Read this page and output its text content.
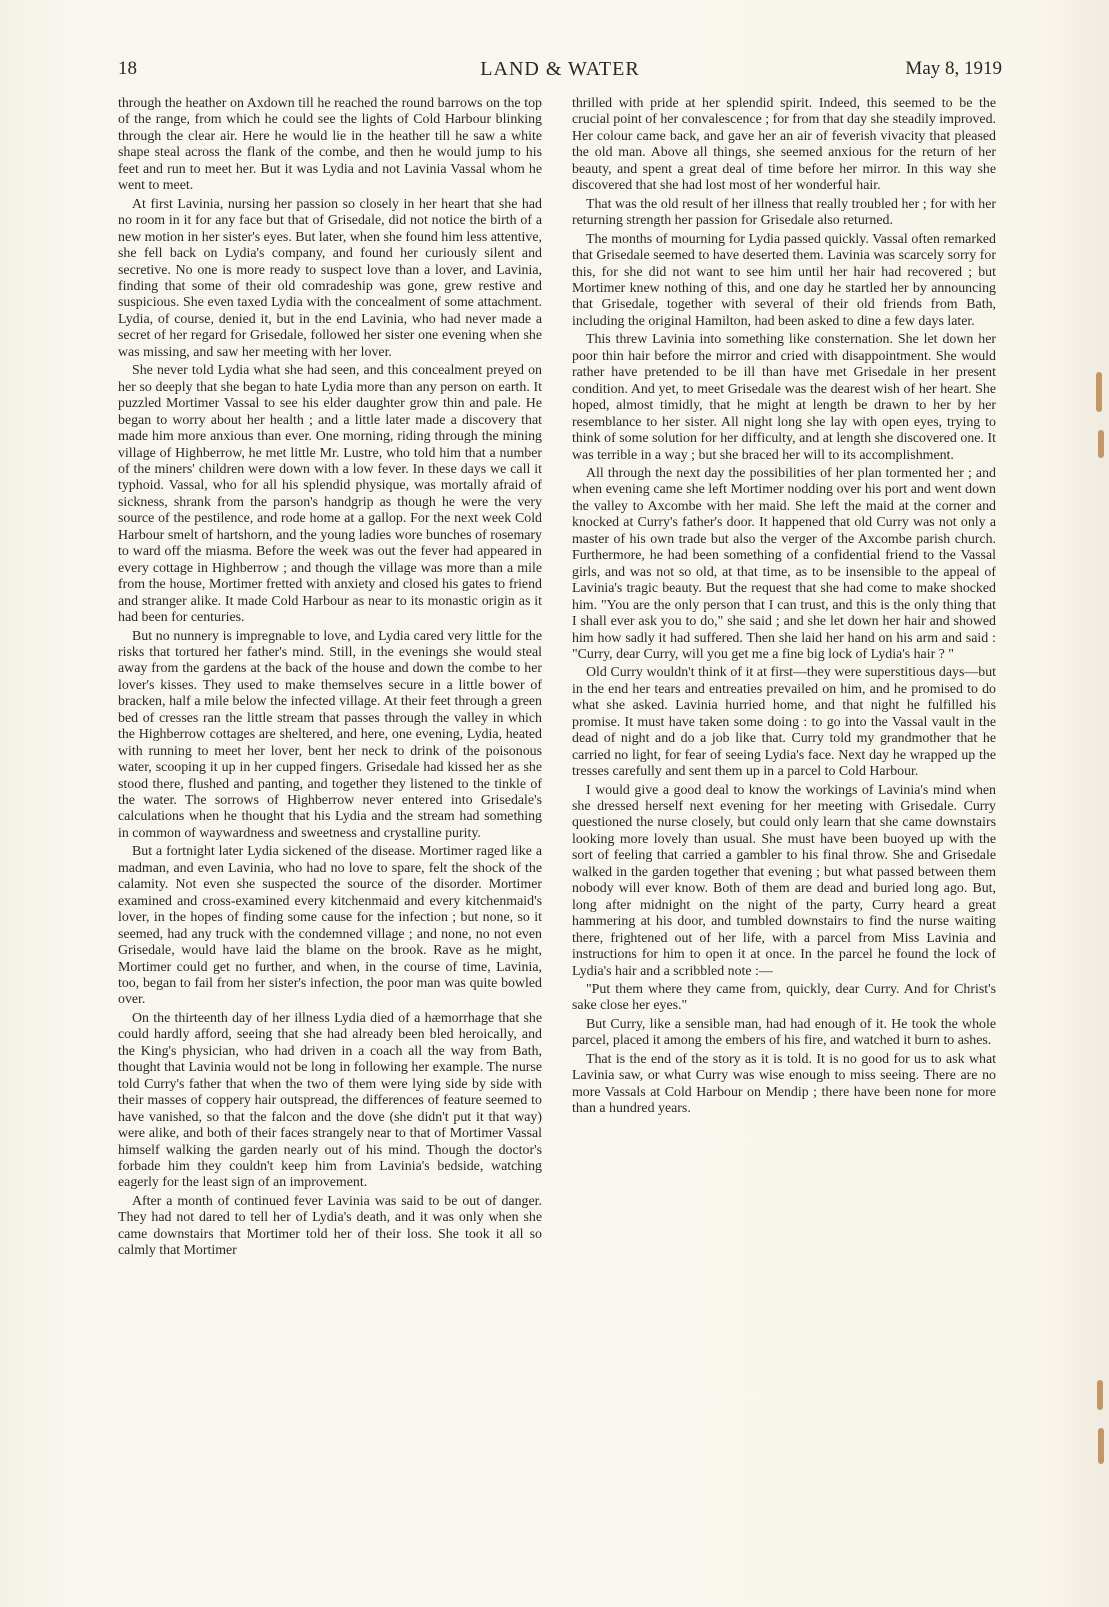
18	LAND & WATER	May 8, 1919

through the heather on Axdown till he reached the round barrows on the top of the range, from which he could see the lights of Cold Harbour blinking through the clear air. Here he would lie in the heather till he saw a white shape steal across the flank of the combe, and then he would jump to his feet and run to meet her. But it was Lydia and not Lavinia Vassal whom he went to meet.

At first Lavinia, nursing her passion so closely in her heart that she had no room in it for any face but that of Grisedale, did not notice the birth of a new motion in her sister's eyes. But later, when she found him less attentive, she fell back on Lydia's company, and found her curiously silent and secretive. No one is more ready to suspect love than a lover, and Lavinia, finding that some of their old comradeship was gone, grew restive and suspicious. She even taxed Lydia with the concealment of some attachment. Lydia, of course, denied it, but in the end Lavinia, who had never made a secret of her regard for Grisedale, followed her sister one evening when she was missing, and saw her meeting with her lover.

She never told Lydia what she had seen, and this concealment preyed on her so deeply that she began to hate Lydia more than any person on earth. It puzzled Mortimer Vassal to see his elder daughter grow thin and pale. He began to worry about her health ; and a little later made a discovery that made him more anxious than ever. One morning, riding through the mining village of Highberrow, he met little Mr. Lustre, who told him that a number of the miners' children were down with a low fever. In these days we call it typhoid. Vassal, who for all his splendid physique, was mortally afraid of sickness, shrank from the parson's handgrip as though he were the very source of the pestilence, and rode home at a gallop. For the next week Cold Harbour smelt of hartshorn, and the young ladies wore bunches of rosemary to ward off the miasma. Before the week was out the fever had appeared in every cottage in Highberrow ; and though the village was more than a mile from the house, Mortimer fretted with anxiety and closed his gates to friend and stranger alike. It made Cold Harbour as near to its monastic origin as it had been for centuries.

But no nunnery is impregnable to love, and Lydia cared very little for the risks that tortured her father's mind. Still, in the evenings she would steal away from the gardens at the back of the house and down the combe to her lover's kisses. They used to make themselves secure in a little bower of bracken, half a mile below the infected village. At their feet through a green bed of cresses ran the little stream that passes through the valley in which the Highberrow cottages are sheltered, and here, one evening, Lydia, heated with running to meet her lover, bent her neck to drink of the poisonous water, scooping it up in her cupped fingers. Grisedale had kissed her as she stood there, flushed and panting, and together they listened to the tinkle of the water. The sorrows of Highberrow never entered into Grisedale's calculations when he thought that his Lydia and the stream had something in common of waywardness and sweetness and crystalline purity.

But a fortnight later Lydia sickened of the disease. Mortimer raged like a madman, and even Lavinia, who had no love to spare, felt the shock of the calamity. Not even she suspected the source of the disorder. Mortimer examined and cross-examined every kitchenmaid and every kitchenmaid's lover, in the hopes of finding some cause for the infection ; but none, so it seemed, had any truck with the condemned village ; and none, no not even Grisedale, would have laid the blame on the brook. Rave as he might, Mortimer could get no further, and when, in the course of time, Lavinia, too, began to fail from her sister's infection, the poor man was quite bowled over.

On the thirteenth day of her illness Lydia died of a hæmorrhage that she could hardly afford, seeing that she had already been bled heroically, and the King's physician, who had driven in a coach all the way from Bath, thought that Lavinia would not be long in following her example. The nurse told Curry's father that when the two of them were lying side by side with their masses of coppery hair outspread, the differences of feature seemed to have vanished, so that the falcon and the dove (she didn't put it that way) were alike, and both of their faces strangely near to that of Mortimer Vassal himself walking the garden nearly out of his mind. Though the doctor's forbade him they couldn't keep him from Lavinia's bedside, watching eagerly for the least sign of an improvement.

After a month of continued fever Lavinia was said to be out of danger. They had not dared to tell her of Lydia's death, and it was only when she came downstairs that Mortimer told her of their loss. She took it all so calmly that Mortimer

thrilled with pride at her splendid spirit. Indeed, this seemed to be the crucial point of her convalescence ; for from that day she steadily improved. Her colour came back, and gave her an air of feverish vivacity that pleased the old man. Above all things, she seemed anxious for the return of her beauty, and spent a great deal of time before her mirror. In this way she discovered that she had lost most of her wonderful hair.

That was the old result of her illness that really troubled her ; for with her returning strength her passion for Grisedale also returned.

The months of mourning for Lydia passed quickly. Vassal often remarked that Grisedale seemed to have deserted them. Lavinia was scarcely sorry for this, for she did not want to see him until her hair had recovered ; but Mortimer knew nothing of this, and one day he startled her by announcing that Grisedale, together with several of their old friends from Bath, including the original Hamilton, had been asked to dine a few days later.

This threw Lavinia into something like consternation. She let down her poor thin hair before the mirror and cried with disappointment. She would rather have pretended to be ill than have met Grisedale in her present condition. And yet, to meet Grisedale was the dearest wish of her heart. She hoped, almost timidly, that he might at length be drawn to her by her resemblance to her sister. All night long she lay with open eyes, trying to think of some solution for her difficulty, and at length she discovered one. It was terrible in a way ; but she braced her will to its accomplishment.

All through the next day the possibilities of her plan tormented her ; and when evening came she left Mortimer nodding over his port and went down the valley to Axcombe with her maid. She left the maid at the corner and knocked at Curry's father's door. It happened that old Curry was not only a master of his own trade but also the verger of the Axcombe parish church. Furthermore, he had been something of a confidential friend to the Vassal girls, and was not so old, at that time, as to be insensible to the appeal of Lavinia's tragic beauty. But the request that she had come to make shocked him. "You are the only person that I can trust, and this is the only thing that I shall ever ask you to do," she said ; and she let down her hair and showed him how sadly it had suffered. Then she laid her hand on his arm and said : "Curry, dear Curry, will you get me a fine big lock of Lydia's hair ? "

Old Curry wouldn't think of it at first—they were superstitious days—but in the end her tears and entreaties prevailed on him, and he promised to do what she asked. Lavinia hurried home, and that night he fulfilled his promise. It must have taken some doing : to go into the Vassal vault in the dead of night and do a job like that. Curry told my grandmother that he carried no light, for fear of seeing Lydia's face. Next day he wrapped up the tresses carefully and sent them up in a parcel to Cold Harbour.

I would give a good deal to know the workings of Lavinia's mind when she dressed herself next evening for her meeting with Grisedale. Curry questioned the nurse closely, but could only learn that she came downstairs looking more lovely than usual. She must have been buoyed up with the sort of feeling that carried a gambler to his final throw. She and Grisedale walked in the garden together that evening ; but what passed between them nobody will ever know. Both of them are dead and buried long ago. But, long after midnight on the night of the party, Curry heard a great hammering at his door, and tumbled downstairs to find the nurse waiting there, frightened out of her life, with a parcel from Miss Lavinia and instructions for him to open it at once. In the parcel he found the lock of Lydia's hair and a scribbled note :—

"Put them where they came from, quickly, dear Curry. And for Christ's sake close her eyes."

But Curry, like a sensible man, had had enough of it. He took the whole parcel, placed it among the embers of his fire, and watched it burn to ashes.

That is the end of the story as it is told. It is no good for us to ask what Lavinia saw, or what Curry was wise enough to miss seeing. There are no more Vassals at Cold Harbour on Mendip ; there have been none for more than a hundred years.
